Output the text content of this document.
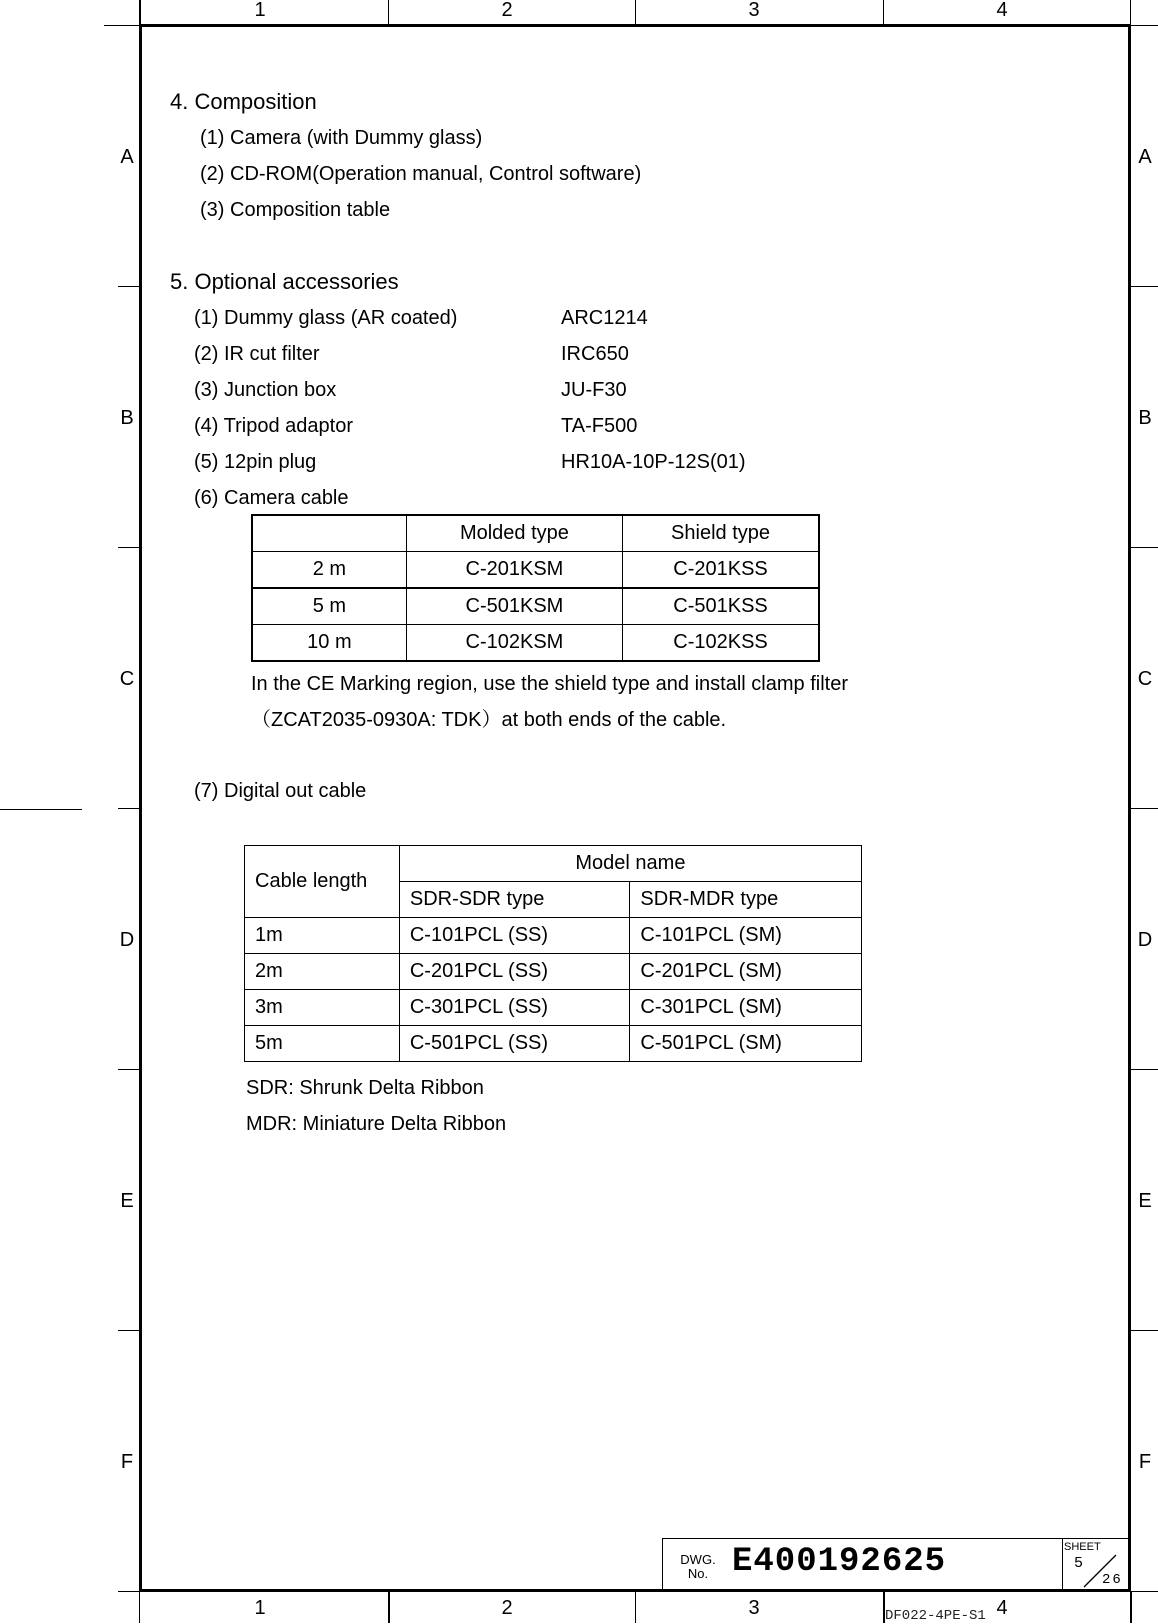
1	2	3	4
1	2	3	4
A
B
C
D
E
F
A
B
C
D
E
F
4. Composition
(1) Camera (with Dummy glass)
(2) CD-ROM(Operation manual, Control software)
(3) Composition table
5. Optional accessories
(1) Dummy glass (AR coated)	ARC1214
(2) IR cut filter	IRC650
(3) Junction box	JU-F30
(4) Tripod adaptor	TA-F500
(5) 12pin plug	HR10A-10P-12S(01)
(6) Camera cable
	Molded type	Shield type
2 m	C-201KSM	C-201KSS
5 m	C-501KSM	C-501KSS
10 m	C-102KSM	C-102KSS
In the CE Marking region, use the shield type and install clamp filter
（ZCAT2035-0930A: TDK）at both ends of the cable.
(7) Digital out cable
Cable length	Model name	
	SDR-SDR type	SDR-MDR type
1m	C-101PCL (SS)	C-101PCL (SM)
2m	C-201PCL (SS)	C-201PCL (SM)
3m	C-301PCL (SS)	C-301PCL (SM)
5m	C-501PCL (SS)	C-501PCL (SM)
SDR: Shrunk Delta Ribbon
MDR: Miniature Delta Ribbon
DWG.
No. E400192625	SHEET
5
26
DF022-4PE-S1
